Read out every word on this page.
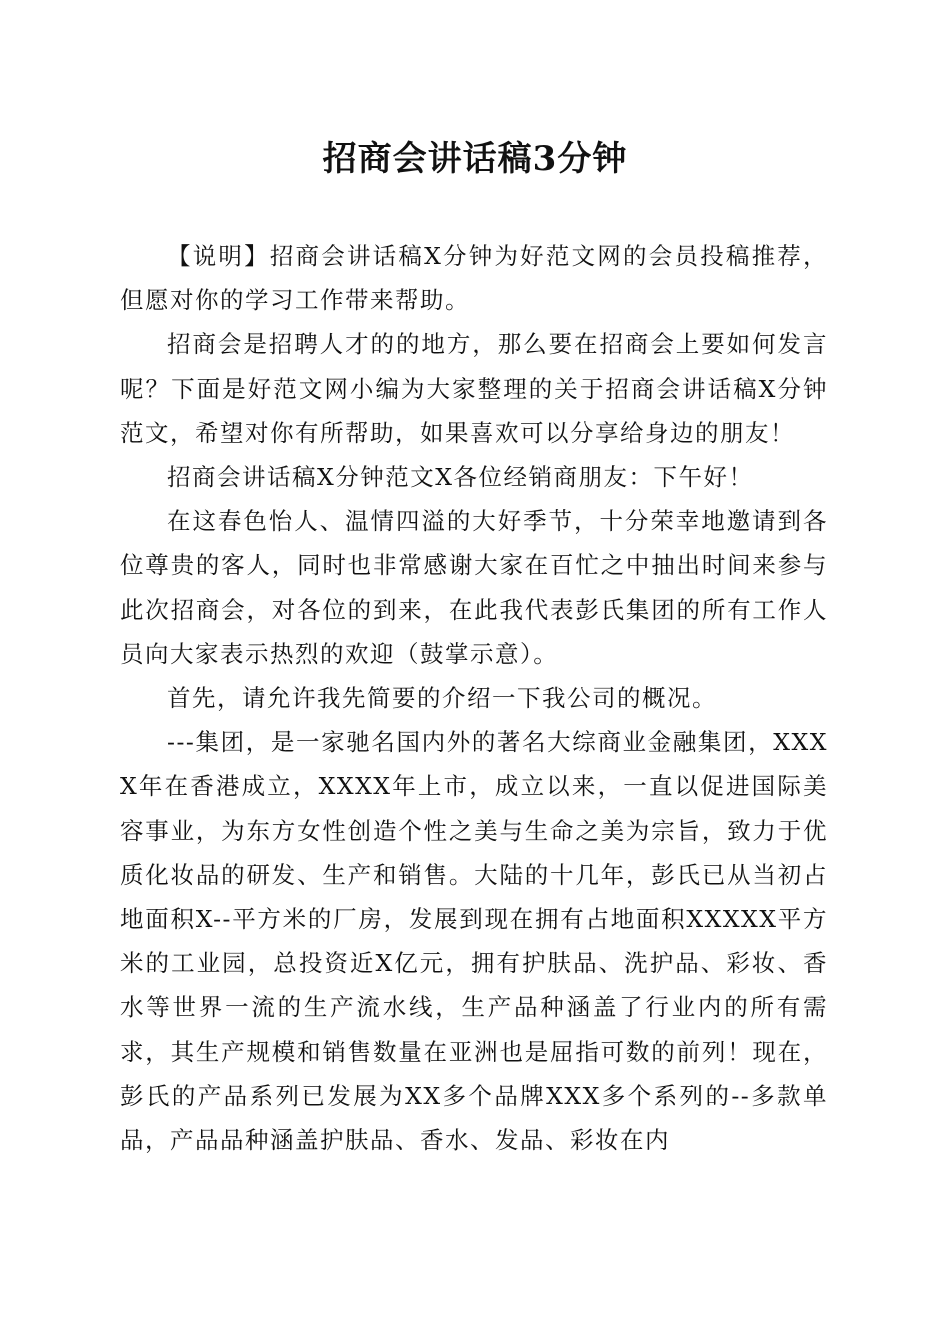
招商会讲话稿3分钟

【说明】招商会讲话稿X分钟为好范文网的会员投稿推荐，但愿对你的学习工作带来帮助。

招商会是招聘人才的的地方，那么要在招商会上要如何发言呢？下面是好范文网小编为大家整理的关于招商会讲话稿X分钟范文，希望对你有所帮助，如果喜欢可以分享给身边的朋友！

招商会讲话稿X分钟范文X各位经销商朋友：下午好！

在这春色怡人、温情四溢的大好季节，十分荣幸地邀请到各位尊贵的客人，同时也非常感谢大家在百忙之中抽出时间来参与此次招商会，对各位的到来，在此我代表彭氏集团的所有工作人员向大家表示热烈的欢迎（鼓掌示意）。

首先，请允许我先简要的介绍一下我公司的概况。

---集团，是一家驰名国内外的著名大综商业金融集团，XXXX年在香港成立，XXXX年上市，成立以来，一直以促进国际美容事业，为东方女性创造个性之美与生命之美为宗旨，致力于优质化妆品的研发、生产和销售。大陆的十几年，彭氏已从当初占地面积X--平方米的厂房，发展到现在拥有占地面积XXXXX平方米的工业园，总投资近X亿元，拥有护肤品、洗护品、彩妆、香水等世界一流的生产流水线，生产品种涵盖了行业内的所有需求，其生产规模和销售数量在亚洲也是屈指可数的前列！现在，彭氏的产品系列已发展为XX多个品牌XXX多个系列的--多款单品，产品品种涵盖护肤品、香水、发品、彩妆在内
